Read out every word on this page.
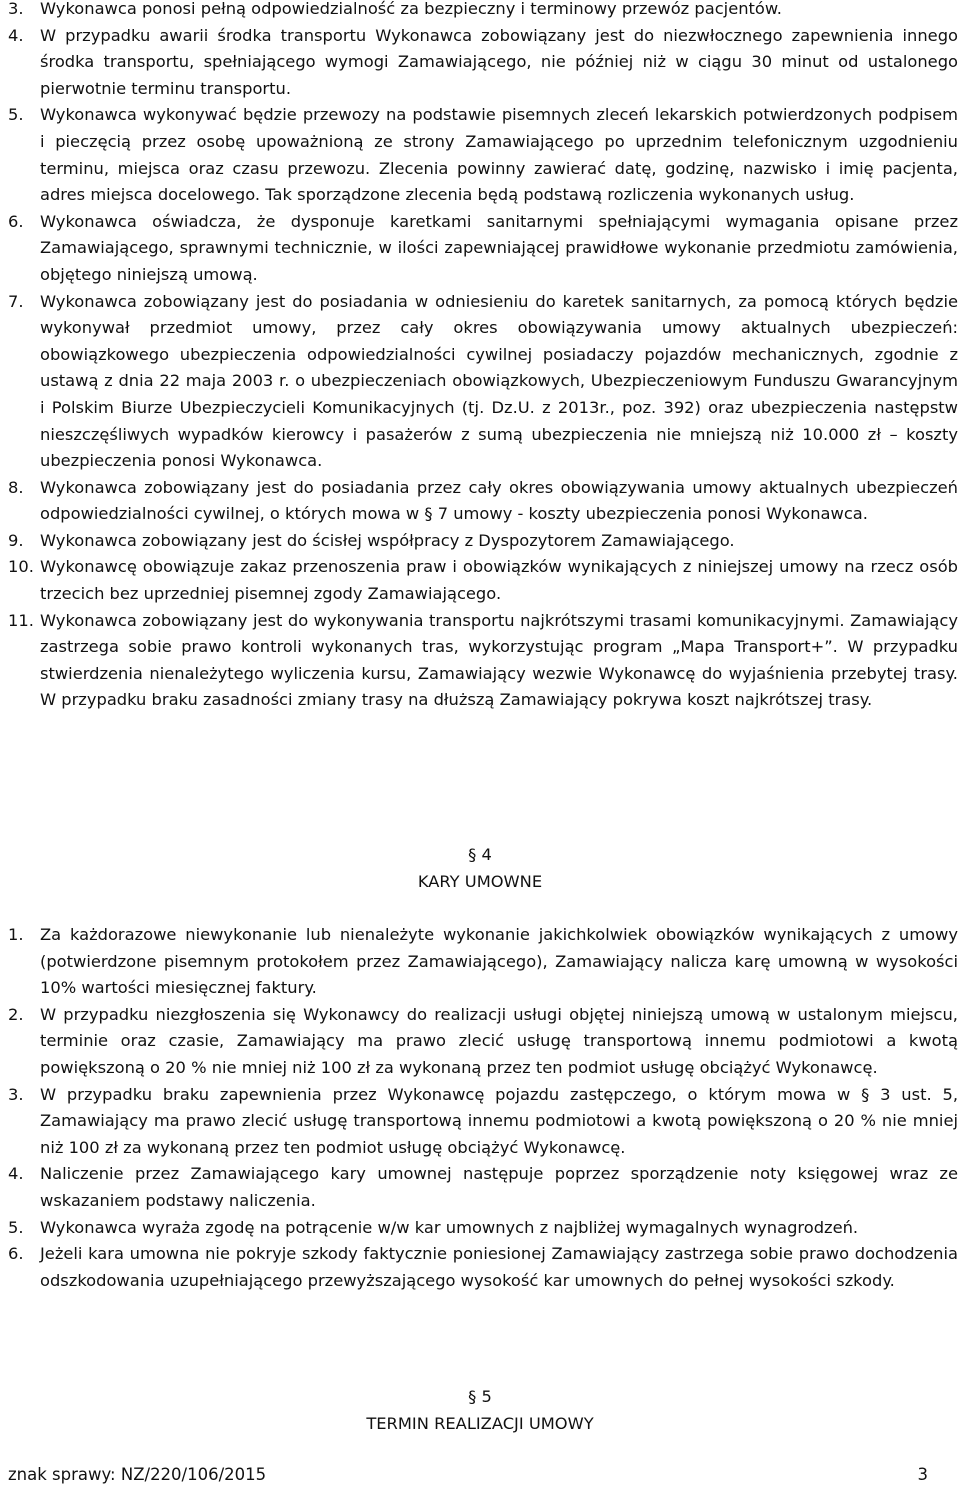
3.	Wykonawca ponosi pełną odpowiedzialność za bezpieczny i terminowy przewóz pacjentów.
4.	W przypadku awarii środka transportu Wykonawca zobowiązany jest do niezwłocznego zapewnienia innego środka transportu, spełniającego wymogi Zamawiającego, nie później niż w ciągu 30 minut od ustalonego pierwotnie terminu transportu.
5.	Wykonawca wykonywać będzie przewozy na podstawie pisemnych zleceń lekarskich potwierdzonych podpisem i pieczęcią przez osobę upoważnioną ze strony Zamawiającego po uprzednim telefonicznym uzgodnieniu terminu, miejsca oraz czasu przewozu. Zlecenia powinny zawierać datę, godzinę, nazwisko i imię pacjenta, adres miejsca docelowego. Tak sporządzone zlecenia będą podstawą rozliczenia wykonanych usług.
6.	Wykonawca oświadcza, że dysponuje karetkami sanitarnymi spełniającymi wymagania opisane przez Zamawiającego, sprawnymi technicznie, w ilości zapewniającej prawidłowe wykonanie przedmiotu zamówienia, objętego niniejszą umową.
7.	Wykonawca zobowiązany jest do posiadania w odniesieniu do karetek sanitarnych, za pomocą których będzie wykonywał przedmiot umowy, przez cały okres obowiązywania umowy aktualnych ubezpieczeń: obowiązkowego ubezpieczenia odpowiedzialności cywilnej posiadaczy pojazdów mechanicznych, zgodnie z ustawą z dnia 22 maja 2003 r. o ubezpieczeniach obowiązkowych, Ubezpieczeniowym Funduszu Gwarancyjnym i Polskim Biurze Ubezpieczycieli Komunikacyjnych (tj. Dz.U. z 2013r., poz. 392) oraz ubezpieczenia następstw nieszczęśliwych wypadków kierowcy i pasażerów z sumą ubezpieczenia nie mniejszą niż 10.000 zł – koszty ubezpieczenia ponosi Wykonawca.
8.	Wykonawca zobowiązany jest do posiadania przez cały okres obowiązywania umowy aktualnych ubezpieczeń odpowiedzialności cywilnej, o których mowa w § 7 umowy - koszty ubezpieczenia ponosi Wykonawca.
9.	Wykonawca zobowiązany jest do ścisłej współpracy z Dyspozytorem Zamawiającego.
10. Wykonawcę obowiązuje zakaz przenoszenia praw i obowiązków wynikających z niniejszej umowy na rzecz osób trzecich bez uprzedniej pisemnej zgody Zamawiającego.
11. Wykonawca zobowiązany jest do wykonywania transportu najkrótszymi trasami komunikacyjnymi. Zamawiający zastrzega sobie prawo kontroli wykonanych tras, wykorzystując program „Mapa Transport+”. W przypadku stwierdzenia nienależytego wyliczenia kursu, Zamawiający wezwie Wykonawcę do wyjaśnienia przebytej trasy. W przypadku braku zasadności zmiany trasy na dłuższą Zamawiający pokrywa koszt najkrótszej trasy.
§ 4
KARY UMOWNE
1.	Za każdorazowe niewykonanie lub nienależyte wykonanie jakichkolwiek obowiązków wynikających z umowy (potwierdzone pisemnym protokołem przez Zamawiającego), Zamawiający nalicza karę umowną w wysokości 10% wartości miesięcznej faktury.
2.	W przypadku niezgłoszenia się Wykonawcy do realizacji usługi objętej niniejszą umową w ustalonym miejscu, terminie oraz czasie, Zamawiający ma prawo zlecić usługę transportową innemu podmiotowi a kwotą powiększoną o 20 % nie mniej niż 100 zł za wykonaną przez ten podmiot usługę obciążyć Wykonawcę.
3.	W przypadku braku zapewnienia przez Wykonawcę pojazdu zastępczego, o którym mowa w § 3 ust. 5, Zamawiający ma prawo zlecić usługę transportową innemu podmiotowi a kwotą powiększoną o 20 % nie mniej niż 100 zł za wykonaną przez ten podmiot usługę obciążyć Wykonawcę.
4.	Naliczenie przez Zamawiającego kary umownej następuje poprzez sporządzenie noty księgowej wraz ze wskazaniem podstawy naliczenia.
5.	Wykonawca wyraża zgodę na potrącenie w/w kar umownych z najbliżej wymagalnych wynagrodzeń.
6.	Jeżeli kara umowna nie pokryje szkody faktycznie poniesionej Zamawiający zastrzega sobie prawo dochodzenia odszkodowania uzupełniającego przewyższającego wysokość kar umownych do pełnej wysokości szkody.
§ 5
TERMIN REALIZACJI UMOWY
znak sprawy: NZ/220/106/2015	3
